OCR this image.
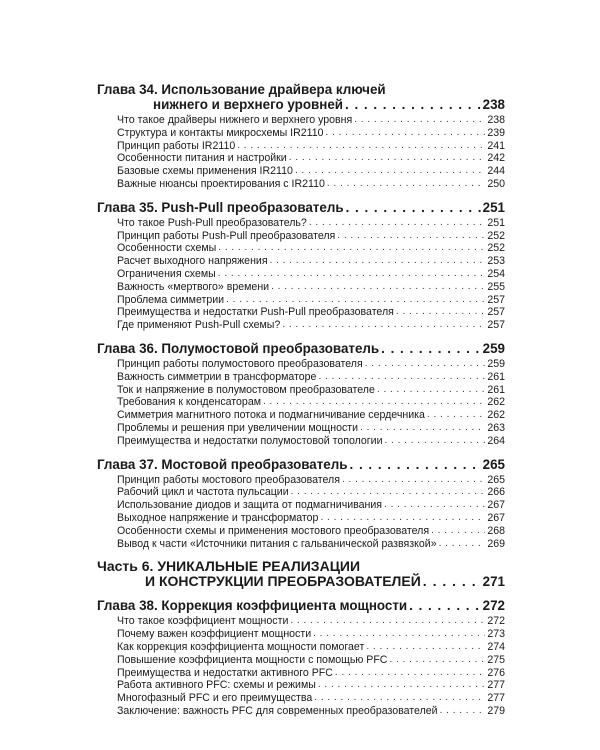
Глава 34. Использование драйвера ключей
нижнего и верхнего уровней . . .	238
Что такое драйверы нижнего и верхнего уровня . . .	238
Структура и контакты микросхемы IR2110 . . .	239
Принцип работы IR2110 . . .	241
Особенности питания и настройки . . .	242
Базовые схемы применения IR2110 . . .	244
Важные нюансы проектирования с IR2110 . . .	250
Глава 35. Push-Pull преобразователь . . .	251
Что такое Push-Pull преобразователь? . . .	251
Принцип работы Push-Pull преобразователя . . .	252
Особенности схемы . . .	252
Расчет выходного напряжения . . .	253
Ограничения схемы . . .	254
Важность «мертвого» времени . . .	255
Проблема симметрии . . .	257
Преимущества и недостатки Push-Pull преобразователя . . .	257
Где применяют Push-Pull схемы? . . .	257
Глава 36. Полумостовой преобразователь . . .	259
Принцип работы полумостового преобразователя . . .	259
Важность симметрии в трансформаторе . . .	261
Ток и напряжение в полумостовом преобразователе . . .	261
Требования к конденсаторам . . .	262
Симметрия магнитного потока и подмагничивание сердечника . . .	262
Проблемы и решения при увеличении мощности . . .	263
Преимущества и недостатки полумостовой топологии . . .	264
Глава 37. Мостовой преобразователь . . .	265
Принцип работы мостового преобразователя . . .	265
Рабочий цикл и частота пульсации . . .	266
Использование диодов и защита от подмагничивания . . .	267
Выходное напряжение и трансформатор . . .	267
Особенности схемы и применения мостового преобразователя . . .	268
Вывод к части «Источники питания с гальванической развязкой» . . .	269
Часть 6. УНИКАЛЬНЫЕ РЕАЛИЗАЦИИ
И КОНСТРУКЦИИ ПРЕОБРАЗОВАТЕЛЕЙ . . .	271
Глава 38. Коррекция коэффициента мощности . . .	272
Что такое коэффициент мощности . . .	272
Почему важен коэффициент мощности . . .	273
Как коррекция коэффициента мощности помогает . . .	274
Повышение коэффициента мощности с помощью PFC . . .	275
Преимущества и недостатки активного PFC . . .	276
Работа активного PFC: схемы и режимы . . .	277
Многофазный PFC и его преимущества . . .	277
Заключение: важность PFC для современных преобразователей . . .	279
